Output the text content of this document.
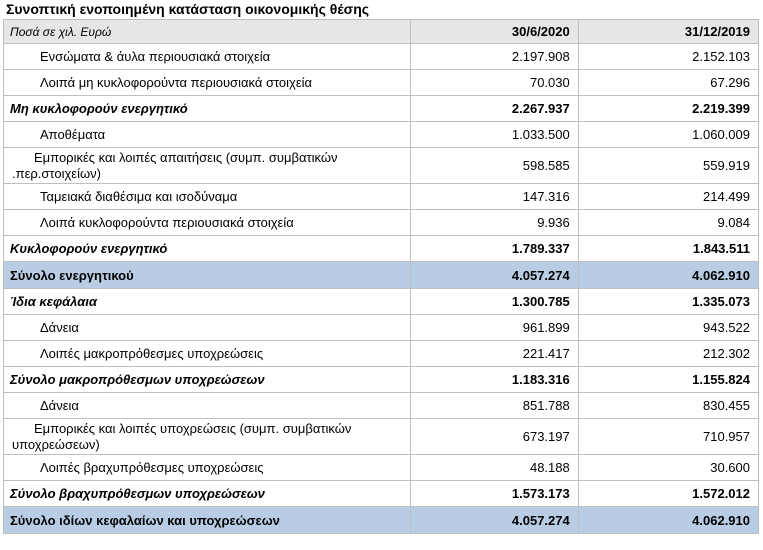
Συνοπτική ενοποιημένη κατάσταση οικονομικής θέσης
Ποσά σε χιλ. Ευρώ	30/6/2020	31/12/2019
Ενσώματα & άυλα περιουσιακά στοιχεία	2.197.908	2.152.103
Λοιπά μη κυκλοφορούντα περιουσιακά στοιχεία	70.030	67.296
Μη κυκλοφορούν ενεργητικό	2.267.937	2.219.399
Αποθέματα	1.033.500	1.060.009

Εμπορικές και λοιπές απαιτήσεις (συμπ. συμβατικών
.περ.στοιχείων)	598.585	559.919
Ταμειακά διαθέσιμα και ισοδύναμα	147.316	214.499
Λοιπά κυκλοφορούντα περιουσιακά στοιχεία	9.936	9.084
Κυκλοφορούν ενεργητικό	1.789.337	1.843.511
Σύνολο ενεργητικού	4.057.274	4.062.910
Ίδια κεφάλαια	1.300.785	1.335.073
Δάνεια	961.899	943.522
Λοιπές μακροπρόθεσμες υποχρεώσεις	221.417	212.302
Σύνολο μακροπρόθεσμων υποχρεώσεων	1.183.316	1.155.824
Δάνεια	851.788	830.455

Εμπορικές και λοιπές υποχρεώσεις (συμπ. συμβατικών
υποχρεώσεων)	673.197	710.957
Λοιπές βραχυπρόθεσμες υποχρεώσεις	48.188	30.600
Σύνολο βραχυπρόθεσμων υποχρεώσεων	1.573.173	1.572.012
Σύνολο ιδίων κεφαλαίων και υποχρεώσεων	4.057.274	4.062.910
